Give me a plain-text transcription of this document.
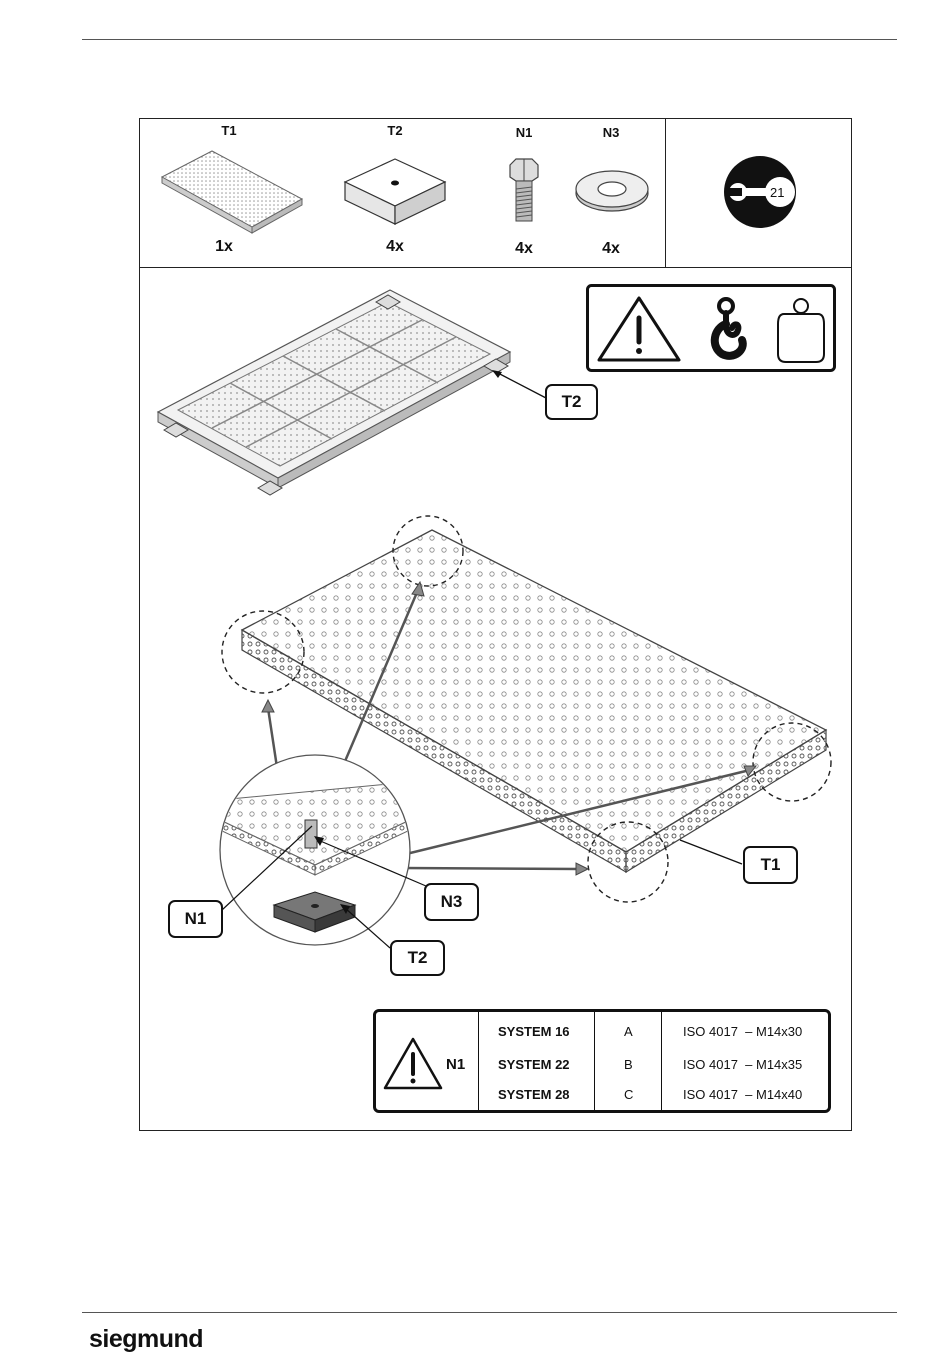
T1
1x
T2
4x
N1
4x
N3
4x
21
T2
T1
N1
N3
T2
N1
SYSTEM 16	A	ISO 4017  – M14x30
SYSTEM 22	B	ISO 4017  – M14x35
SYSTEM 28	C	ISO 4017  – M14x40
siegmund
